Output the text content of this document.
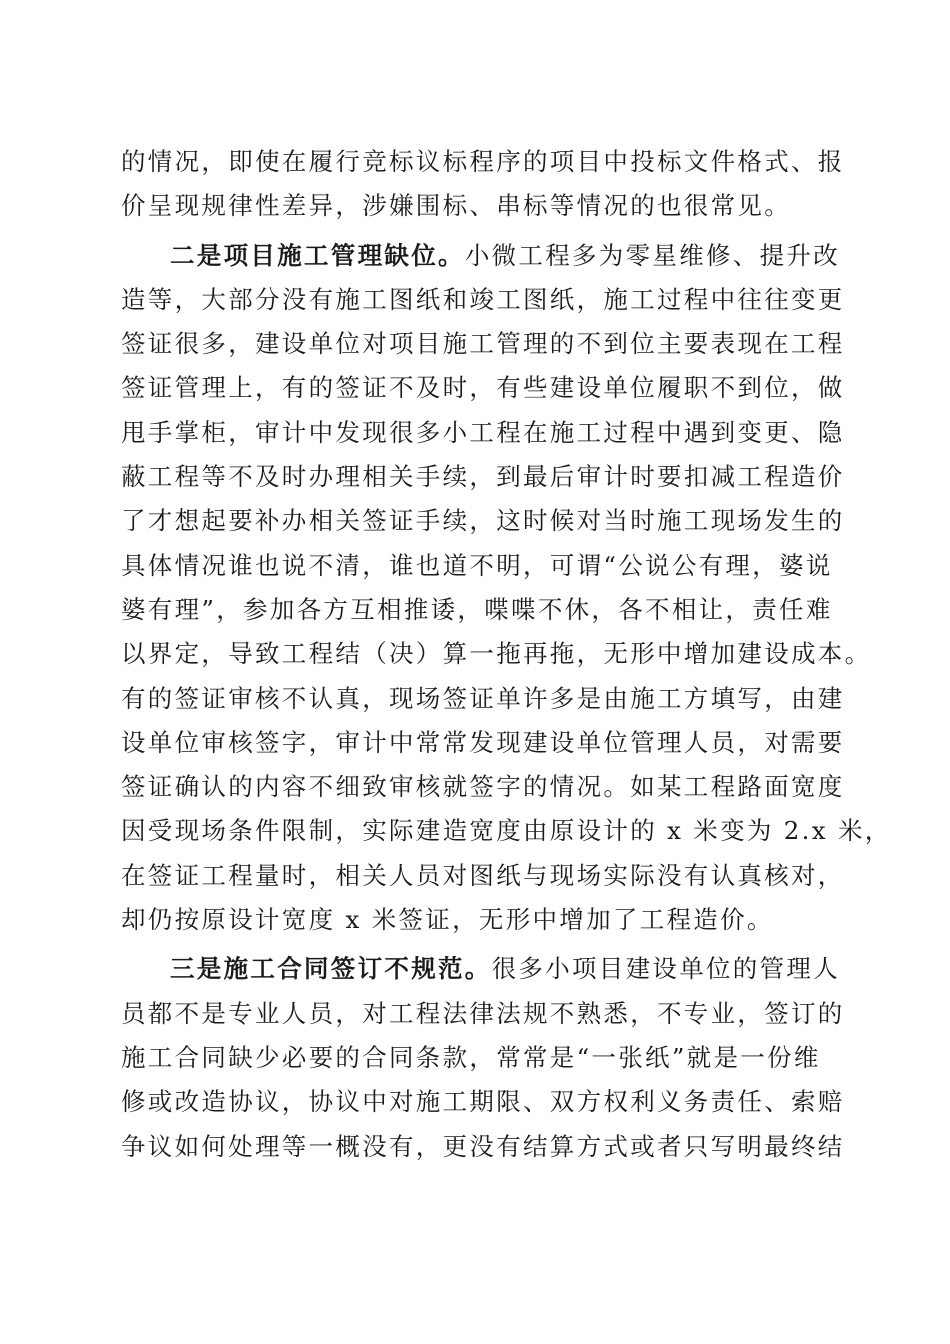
的情况，即使在履行竞标议标程序的项目中投标文件格式、报
价呈现规律性差异，涉嫌围标、串标等情况的也很常见。
二是项目施工管理缺位。小微工程多为零星维修、提升改
造等，大部分没有施工图纸和竣工图纸，施工过程中往往变更
签证很多，建设单位对项目施工管理的不到位主要表现在工程
签证管理上，有的签证不及时，有些建设单位履职不到位，做
甩手掌柜，审计中发现很多小工程在施工过程中遇到变更、隐
蔽工程等不及时办理相关手续，到最后审计时要扣减工程造价
了才想起要补办相关签证手续，这时候对当时施工现场发生的
具体情况谁也说不清，谁也道不明，可谓“公说公有理，婆说
婆有理”，参加各方互相推诿，喋喋不休，各不相让，责任难
以界定，导致工程结（决）算一拖再拖，无形中增加建设成本。
有的签证审核不认真，现场签证单许多是由施工方填写，由建
设单位审核签字，审计中常常发现建设单位管理人员，对需要
签证确认的内容不细致审核就签字的情况。如某工程路面宽度
因受现场条件限制，实际建造宽度由原设计的 x 米变为 2.x 米，
在签证工程量时，相关人员对图纸与现场实际没有认真核对，
却仍按原设计宽度 x 米签证，无形中增加了工程造价。
三是施工合同签订不规范。很多小项目建设单位的管理人
员都不是专业人员，对工程法律法规不熟悉，不专业，签订的
施工合同缺少必要的合同条款，常常是“一张纸”就是一份维
修或改造协议，协议中对施工期限、双方权利义务责任、索赔
争议如何处理等一概没有，更没有结算方式或者只写明最终结
